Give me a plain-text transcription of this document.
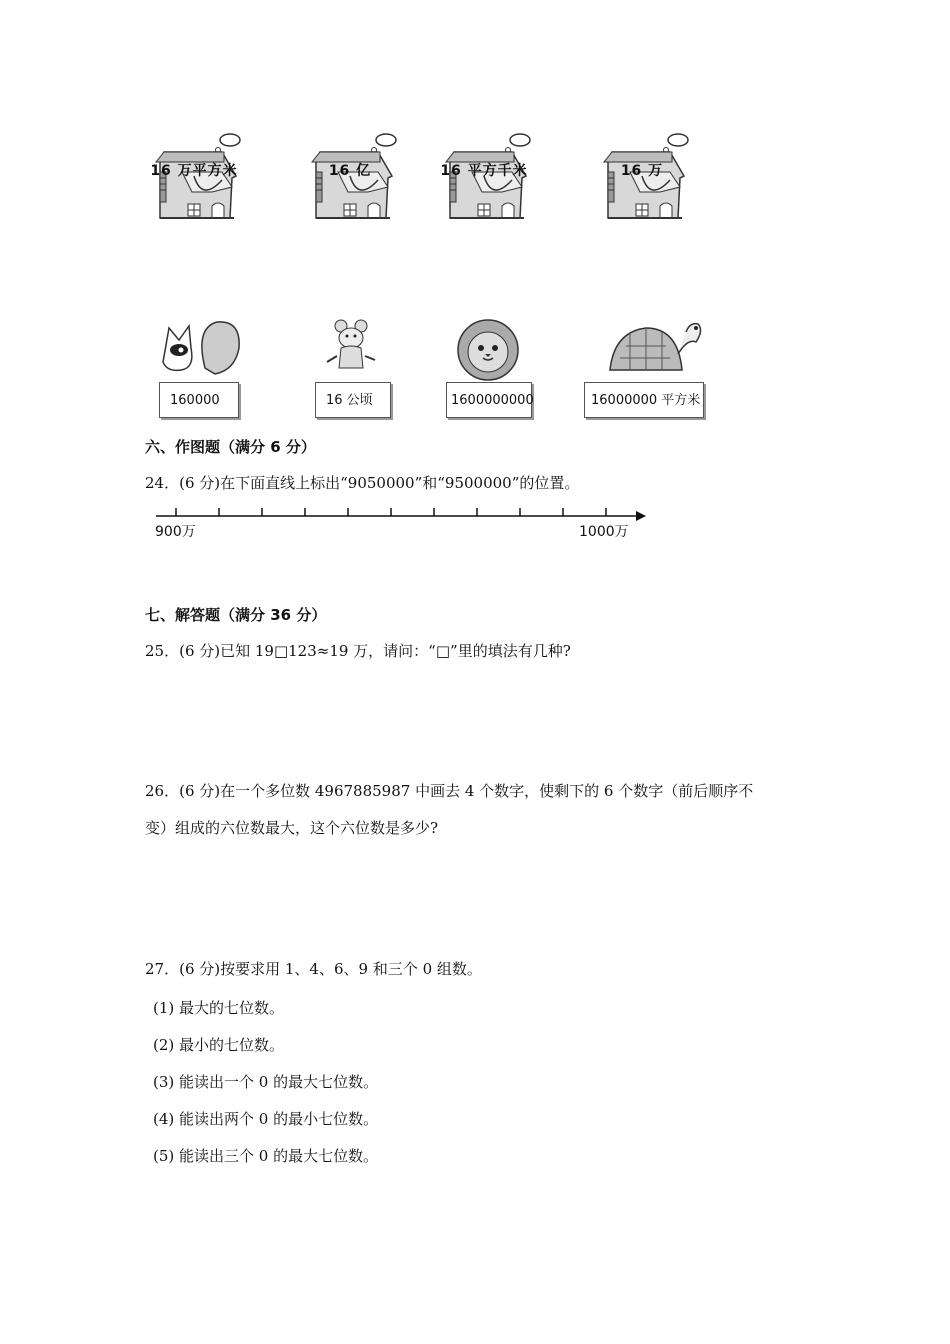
16 万平方米	16 亿	16 平方千米	16 万
160000	16 公顷	1600000000	16000000 平方米
六、作图题（满分 6 分）
24．(6 分)在下面直线上标出“9050000”和“9500000”的位置。
900万	1000万
七、解答题（满分 36 分）
25．(6 分)已知 19□123≈19 万，请问：“□”里的填法有几种?
26．(6 分)在一个多位数 4967885987 中画去 4 个数字，使剩下的 6 个数字（前后顺序不
变）组成的六位数最大，这个六位数是多少?
27．(6 分)按要求用 1、4、6、9 和三个 0 组数。
(1) 最大的七位数。
(2) 最小的七位数。
(3) 能读出一个 0 的最大七位数。
(4) 能读出两个 0 的最小七位数。
(5) 能读出三个 0 的最大七位数。
